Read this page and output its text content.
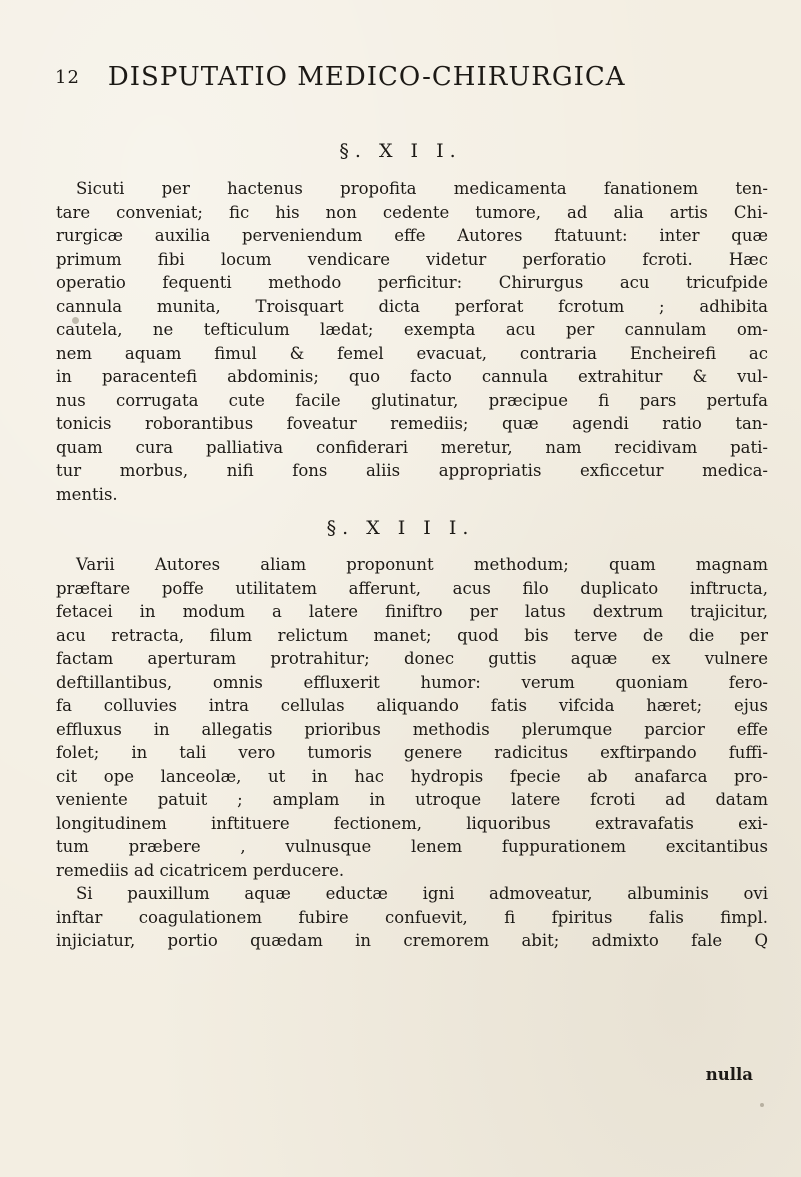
12 DISPUTATIO MEDICO-CHIRURGICA
§. X I I.
Sicuti per hactenus propofita medicamenta fanationem ten-
tare conveniat; fic his non cedente tumore, ad alia artis Chi-
rurgicæ auxilia perveniendum effe Autores ftatuunt: inter quæ
primum fibi locum vendicare videtur perforatio fcroti. Hæc
operatio fequenti methodo perficitur: Chirurgus acu tricufpide
cannula munita, Troisquart dicta perforat fcrotum ; adhibita
cautela, ne tefticulum lædat; exempta acu per cannulam om-
nem aquam fimul & femel evacuat, contraria Encheirefi ac
in paracentefi abdominis; quo facto cannula extrahitur & vul-
nus corrugata cute facile glutinatur, præcipue fi pars pertufa
tonicis roborantibus foveatur remediis; quæ agendi ratio tan-
quam cura palliativa confiderari meretur, nam recidivam pati-
tur morbus, nifi fons aliis appropriatis exficcetur medica-
mentis.
§. X I I I.
Varii Autores aliam proponunt methodum; quam magnam
præftare poffe utilitatem afferunt, acus filo duplicato inftructa,
fetacei in modum a latere finiftro per latus dextrum trajicitur,
acu retracta, filum relictum manet; quod bis terve de die per
factam aperturam protrahitur; donec guttis aquæ ex vulnere
deftillantibus, omnis effluxerit humor: verum quoniam fero-
fa colluvies intra cellulas aliquando fatis vifcida hæret; ejus
effluxus in allegatis prioribus methodis plerumque parcior effe
folet; in tali vero tumoris genere radicitus exftirpando fuffi-
cit ope lanceolæ, ut in hac hydropis fpecie ab anafarca pro-
veniente patuit ; amplam in utroque latere fcroti ad datam
longitudinem inftituere fectionem, liquoribus extravafatis exi-
tum præbere , vulnusque lenem fuppurationem excitantibus
remediis ad cicatricem perducere.
Si pauxillum aquæ eductæ igni admoveatur, albuminis ovi
inftar coagulationem fubire confuevit, fi fpiritus falis fimpl.
injiciatur, portio quædam in cremorem abit; admixto fale Q
nulla
